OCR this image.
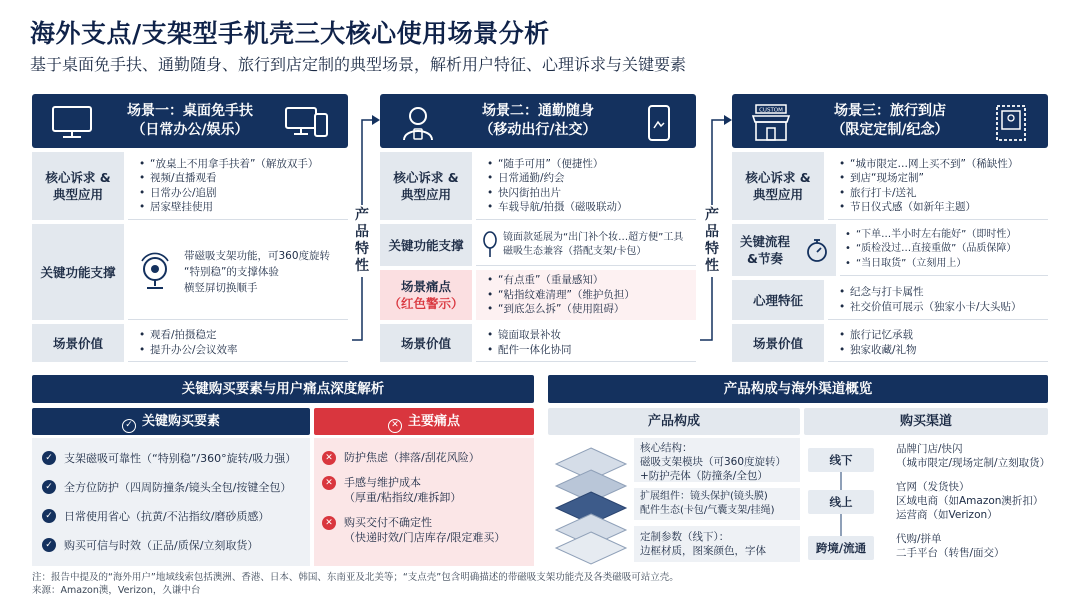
海外支点/支架型手机壳三大核心使用场景分析
基于桌面免手扶、通勤随身、旅行到店定制的典型场景，解析用户特征、心理诉求与关键要素
场景一：桌面免手扶
（日常办公/娱乐）
核心诉求 & 典型应用
• “放桌上不用拿手扶着”（解放双手）
• 视频/直播观看
• 日常办公/追剧
• 居家壁挂使用
关键功能支撑
带磁吸支架功能，可360度旋转
“特别稳”的支撑体验
横竖屏切换顺手
场景价值
• 观看/拍摄稳定
• 提升办公/会议效率
产品特性
场景二：通勤随身
（移动出行/社交）
核心诉求 & 典型应用
• “随手可用”（便捷性）
• 日常通勤/约会
• 快闪街拍出片
• 车载导航/拍摄（磁吸联动）
关键功能支撑
镜面款延展为“出门补个妆…超方便”工具
磁吸生态兼容（搭配支架/卡包）
场景痛点
（红色警示）
• “有点重”（重量感知）
• “粘指纹难清理”（维护负担）
• “到底怎么拆”（使用阻碍）
场景价值
• 镜面取景补妆
• 配件一体化协同
产品特性
CUSTOM	场景三：旅行到店
（限定定制/纪念）
核心诉求 & 典型应用
• “城市限定…网上买不到”（稀缺性）
• 到店“现场定制”
• 旅行打卡/送礼
• 节日仪式感（如新年主题）
关键流程 &节奏
• “下单…半小时左右能好”（即时性）
• “质检没过…直接重做”（品质保障）
• “当日取货”（立刻用上）
心理特征
• 纪念与打卡属性
• 社交价值可展示（独家小卡/大头贴）
场景价值
• 旅行记忆承载
• 独家收藏/礼物
关键购买要素与用户痛点深度解析
✓ 关键购买要素	✕ 主要痛点
✓ 支架磁吸可靠性（“特别稳”/360°旋转/吸力强）
✓ 全方位防护（四周防撞条/镜头全包/按键全包）
✓ 日常使用省心（抗黄/不沾指纹/磨砂质感）
✓ 购买可信与时效（正品/质保/立刻取货）
✕ 防护焦虑（摔落/刮花风险）
✕ 手感与维护成本
（厚重/粘指纹/难拆卸）
✕ 购买交付不确定性
（快递时效/门店库存/限定难买）
产品构成与海外渠道概览
产品构成	购买渠道
核心结构：
磁吸支架模块（可360度旋转）
+防护壳体（防撞条/全包）
扩展组件：镜头保护(镜头膜)
配件生态(卡包/气囊支架/挂绳)
定制参数（线下）：
边框材质，图案颜色，字体
线下
品牌门店/快闪
（城市限定/现场定制/立刻取货）
线上
官网（发货快）
区域电商（如Amazon澳折扣）
运营商（如Verizon）
跨境/流通
代购/拼单
二手平台（转售/面交）
注：报告中提及的“海外用户”地域线索包括澳洲、香港、日本、韩国、东南亚及北美等；“支点壳”包含明确描述的带磁吸支架功能壳及各类磁吸可站立壳。
来源：Amazon澳，Verizon，久谦中台
